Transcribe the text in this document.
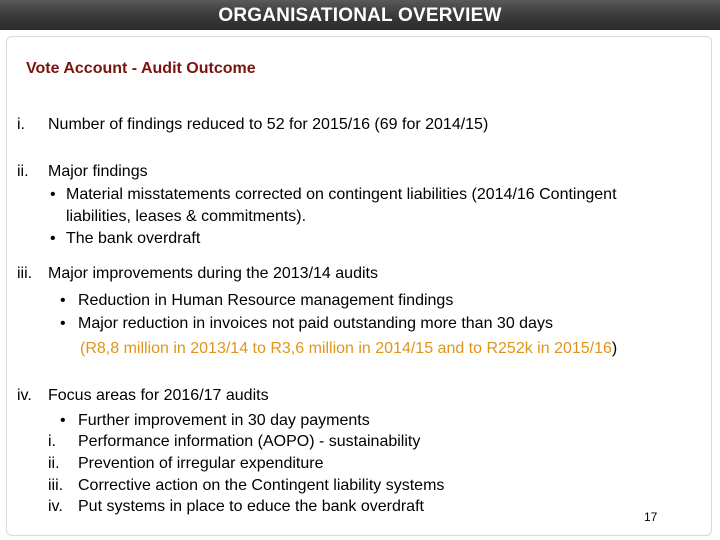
ORGANISATIONAL OVERVIEW
Vote Account - Audit Outcome
i. Number of findings reduced to 52 for 2015/16 (69 for 2014/15)
ii. Major findings
• Material misstatements corrected on contingent liabilities (2014/16 Contingent
liabilities, leases & commitments).
• The bank overdraft
iii. Major improvements during the 2013/14 audits
• Reduction in Human Resource management findings
• Major reduction in invoices not paid outstanding more than 30 days
(R8,8 million in 2013/14 to R3,6 million in 2014/15 and to R252k in 2015/16)
iv. Focus areas for 2016/17 audits
• Further improvement in 30 day payments
i. Performance information (AOPO) - sustainability
ii. Prevention of irregular expenditure
iii. Corrective action on the Contingent liability systems
iv. Put systems in place to educe the bank overdraft
17
